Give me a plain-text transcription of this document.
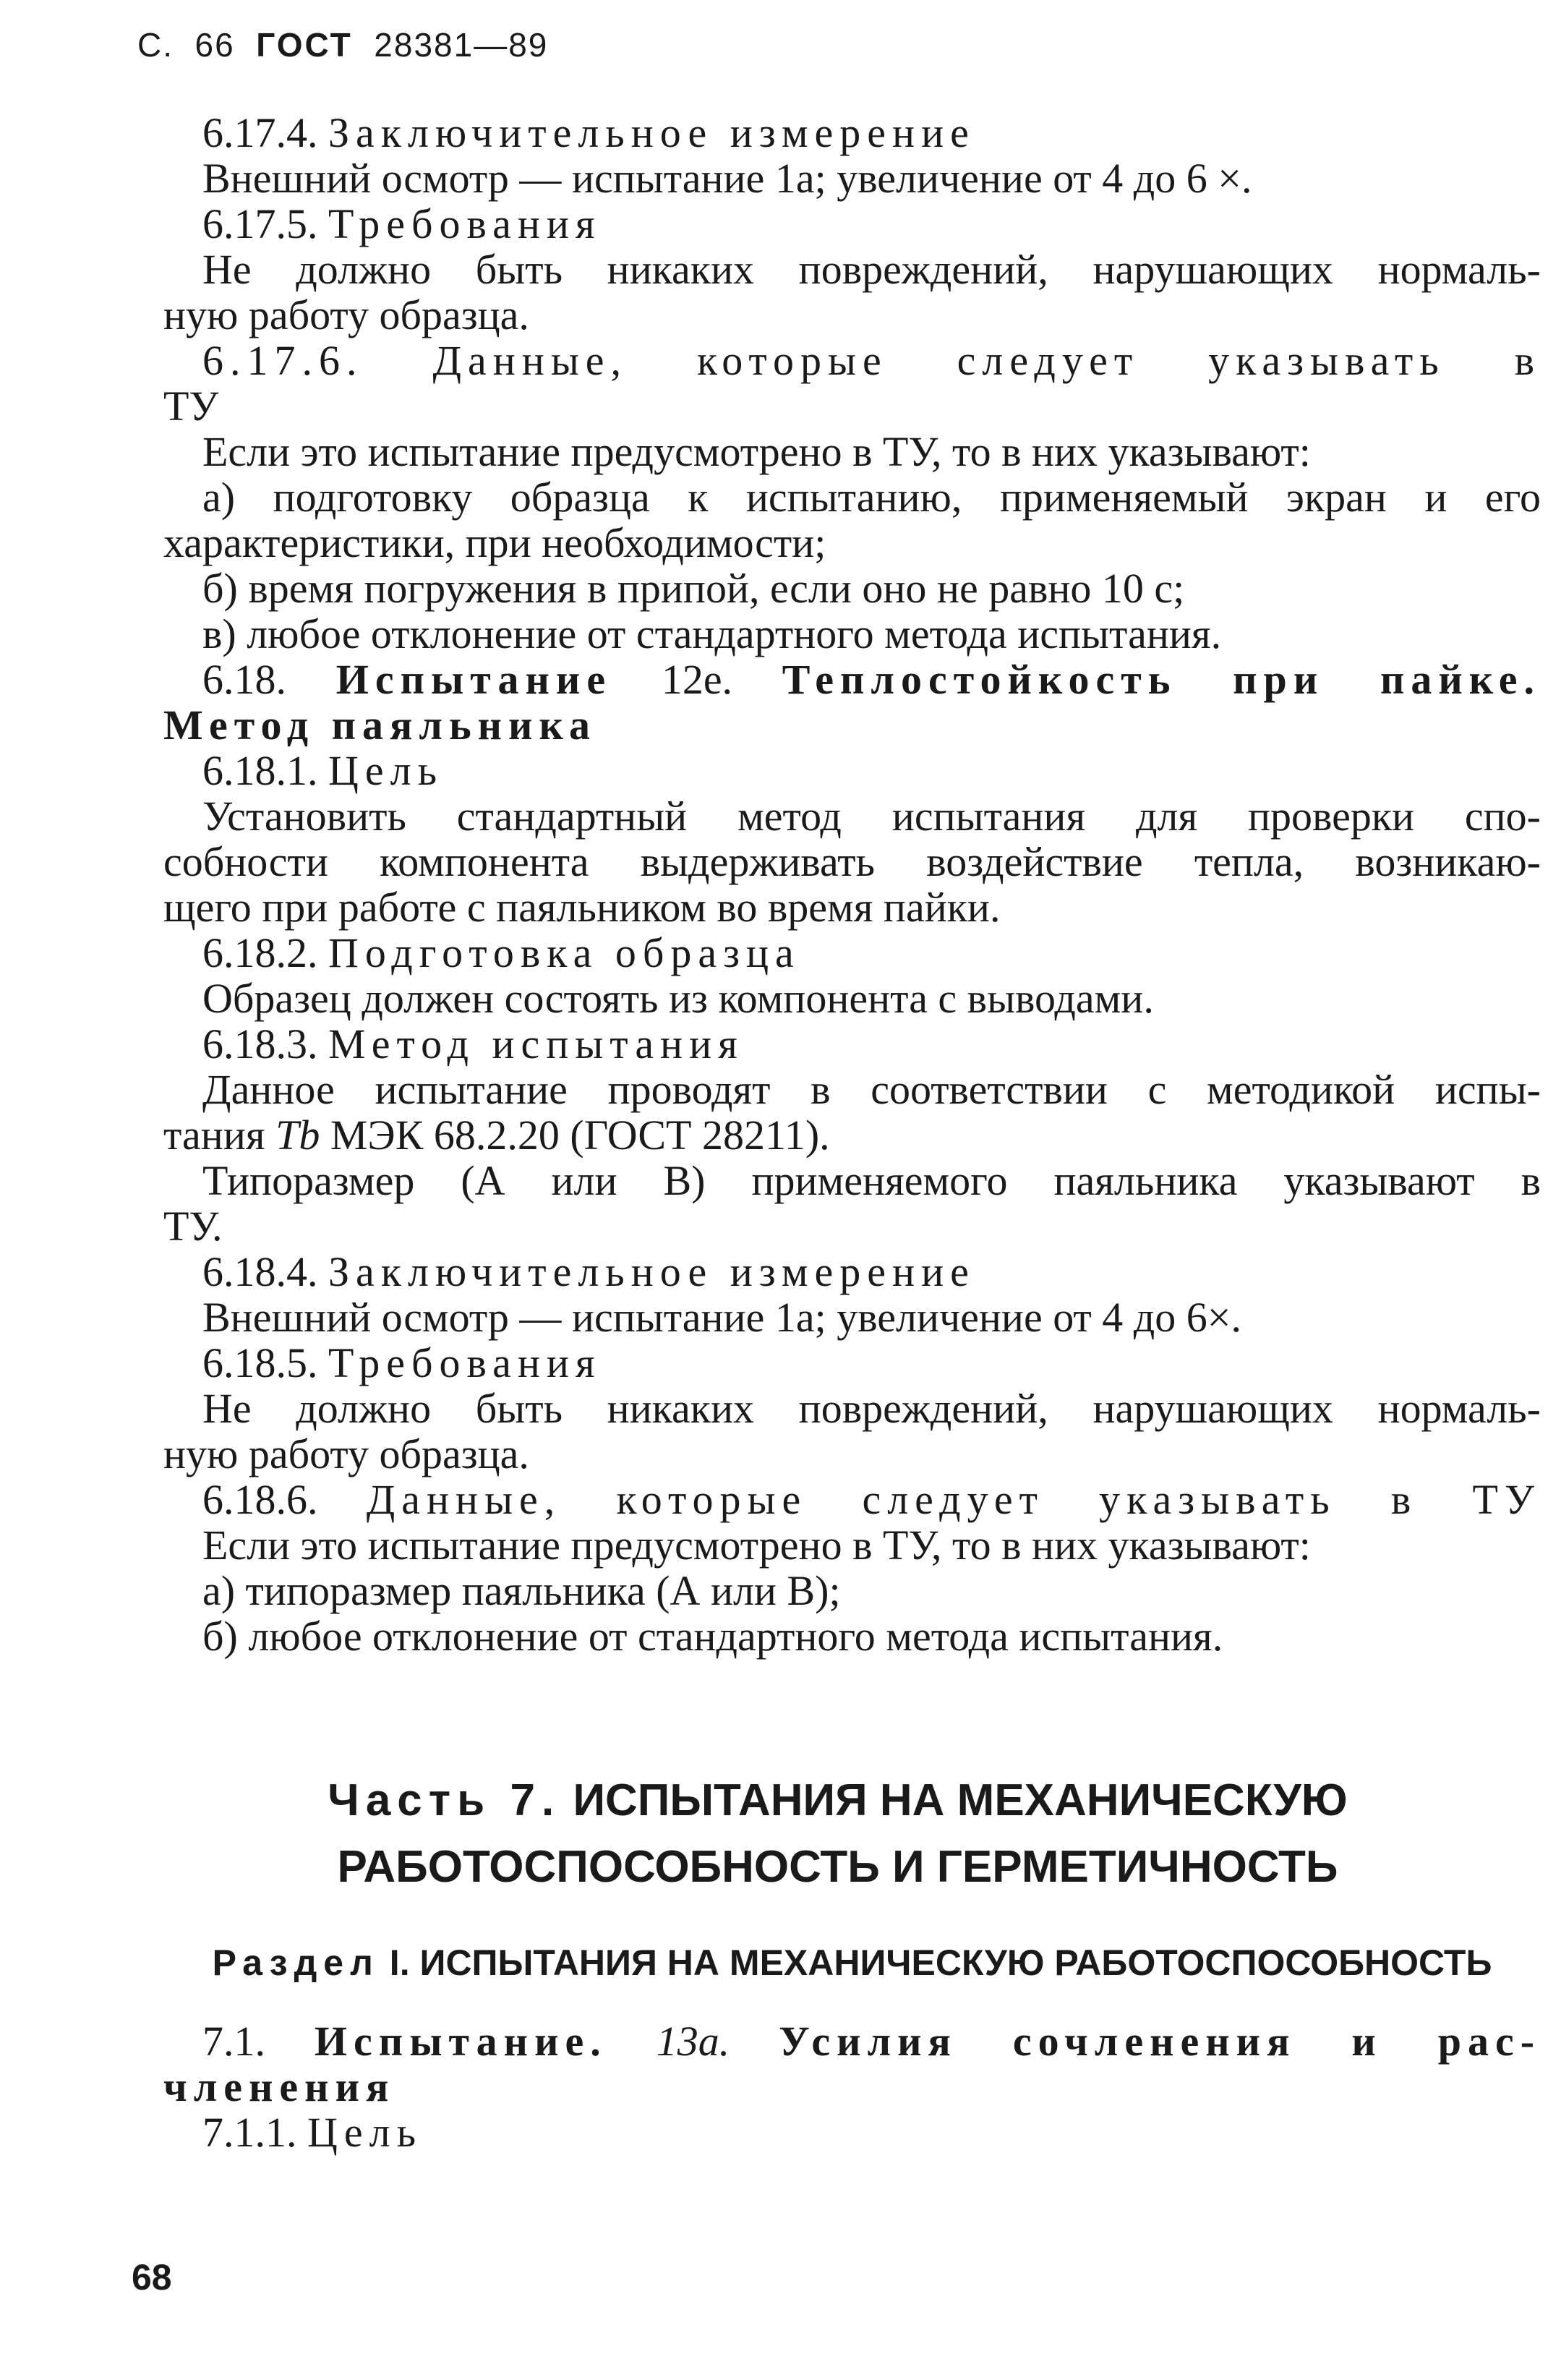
С.  66 ГОСТ 28381—89

6.17.4. Заключительное измерение

Внешний осмотр — испытание 1а; увеличение от 4 до 6 ×.

6.17.5. Требования

Не должно быть никаких повреждений, нарушающих нормаль-

ную работу образца.

6.17.6. Данные, которые следует указывать в

ТУ

Если это испытание предусмотрено в ТУ, то в них указывают:

а) подготовку образца к испытанию, применяемый экран и его

характеристики, при необходимости;

б) время погружения в припой, если оно не равно 10 с;

в) любое отклонение от стандартного метода испытания.

6.18. Испытание 12е. Теплостойкость при пайке.

Метод паяльника

6.18.1. Цель

Установить стандартный метод испытания для проверки спо-

собности компонента выдерживать воздействие тепла, возникаю-

щего при работе с паяльником во время пайки.

6.18.2. Подготовка образца

Образец должен состоять из компонента с выводами.

6.18.3. Метод испытания

Данное испытание проводят в соответствии с методикой испы-

тания Тb МЭК 68.2.20 (ГОСТ 28211).

Типоразмер (А или В) применяемого паяльника указывают в

ТУ.

6.18.4. Заключительное измерение

Внешний осмотр — испытание 1а; увеличение от 4 до 6×.

6.18.5. Требования

Не должно быть никаких повреждений, нарушающих нормаль-

ную работу образца.

6.18.6. Данные, которые следует указывать в ТУ

Если это испытание предусмотрено в ТУ, то в них указывают:

а) типоразмер паяльника (А или В);

б) любое отклонение от стандартного метода испытания.

Часть 7. ИСПЫТАНИЯ НА МЕХАНИЧЕСКУЮ

РАБОТОСПОСОБНОСТЬ И ГЕРМЕТИЧНОСТЬ

Раздел I. ИСПЫТАНИЯ НА МЕХАНИЧЕСКУЮ РАБОТОСПОСОБНОСТЬ

7.1. Испытание. 13а. Усилия сочленения и рас-

членения

7.1.1. Цель

68
